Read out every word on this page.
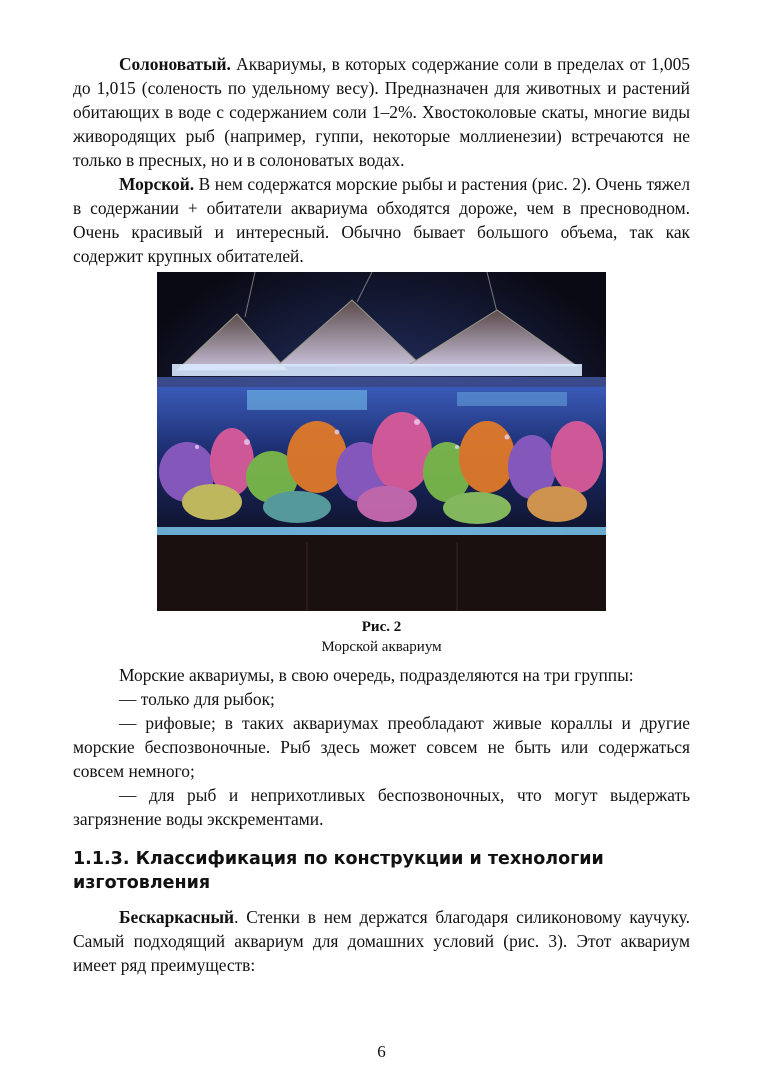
Солоноватый. Аквариумы, в которых содержание соли в пределах от 1,005 до 1,015 (соленость по удельному весу). Предназначен для животных и растений обитающих в воде с содержанием соли 1–2%. Хвостоколовые скаты, многие виды живородящих рыб (например, гуппи, некоторые моллиенезии) встречаются не только в пресных, но и в солоноватых водах.

Морской. В нем содержатся морские рыбы и растения (рис. 2). Очень тяжел в содержании + обитатели аквариума обходятся дороже, чем в пресноводном. Очень красивый и интересный. Обычно бывает большого объема, так как содержит крупных обитателей.

Рис. 2
Морской аквариум

Морские аквариумы, в свою очередь, подразделяются на три группы:

— только для рыбок;

— рифовые; в таких аквариумах преобладают живые кораллы и другие морские беспозвоночные. Рыб здесь может совсем не быть или содержаться совсем немного;

— для рыб и неприхотливых беспозвоночных, что могут выдержать загрязнение воды экскрементами.

1.1.3. Классификация по конструкции и технологии изготовления

Бескаркасный. Стенки в нем держатся благодаря силиконовому каучуку. Самый подходящий аквариум для домашних условий (рис. 3). Этот аквариум имеет ряд преимуществ:

6
